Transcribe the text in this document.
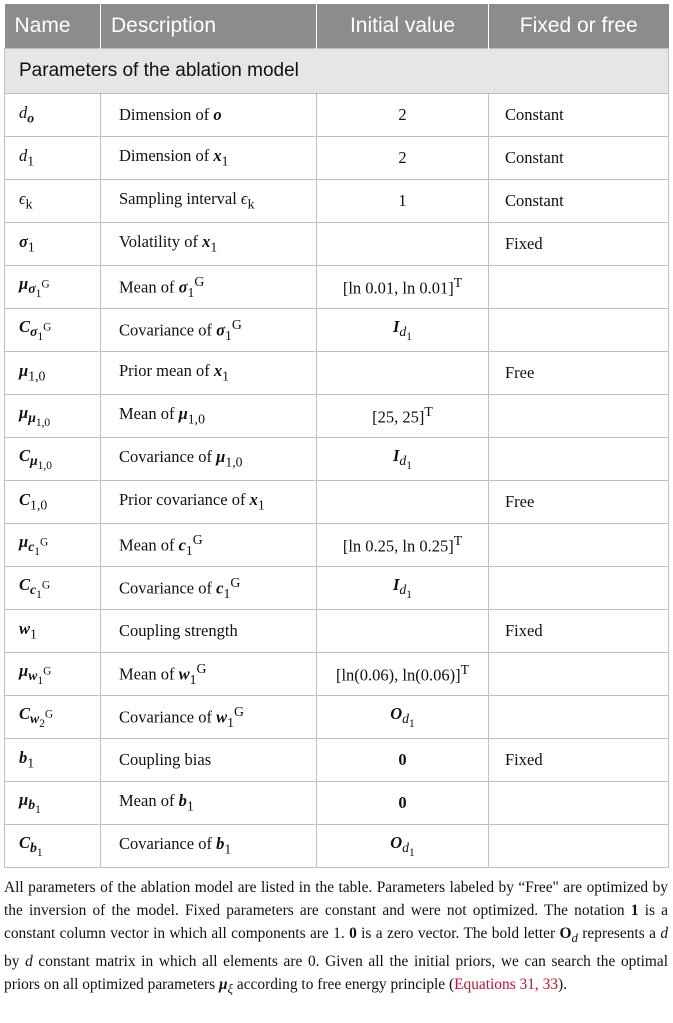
Name	Description	Initial value	Fixed or free
Parameters of the ablation model			
$d_o$	Dimension of o	2	Constant
$d_1$	Dimension of $x_1$	2	Constant
$\epsilon_k$	Sampling interval $\epsilon_k$	1	Constant
$\sigma_1$	Volatility of $x_1$		Fixed
$\mu_{\sigma_1^G}$	Mean of $\sigma_1^G$	[ln 0.01, ln 0.01]$^T$	
$C_{\sigma_1^G}$	Covariance of $\sigma_1^G$	$I_{d_1}$	
$\mu_{1,0}$	Prior mean of $x_1$		Free
$\mu_{\mu_{1,0}}$	Mean of $\mu_{1,0}$	[25, 25]$^T$	
$C_{\mu_{1,0}}$	Covariance of $\mu_{1,0}$	$I_{d_1}$	
$C_{1,0}$	Prior covariance of $x_1$		Free
$\mu_{c_1^G}$	Mean of $c_1^G$	[ln 0.25, ln 0.25]$^T$	
$C_{c_1^G}$	Covariance of $c_1^G$	$I_{d_1}$	
$w_1$	Coupling strength		Fixed
$\mu_{w_1^G}$	Mean of $w_1^G$	[ln(0.06), ln(0.06)]$^T$	
$C_{w_2^G}$	Covariance of $w_1^G$	$O_{d_1}$	
$b_1$	Coupling bias	0	Fixed
$\mu_{b_1}$	Mean of $b_1$	0	
$C_{b_1}$	Covariance of $b_1$	$O_{d_1}$	

All parameters of the ablation model are listed in the table. Parameters labeled by “Free" are optimized by the inversion of the model. Fixed parameters are constant and were not optimized. The notation 1 is a constant column vector in which all components are 1. 0 is a zero vector. The bold letter $O_d$ represents a d by d constant matrix in which all elements are 0. Given all the initial priors, we can search the optimal priors on all optimized parameters $\mu_\xi$ according to free energy principle (Equations 31, 33).
